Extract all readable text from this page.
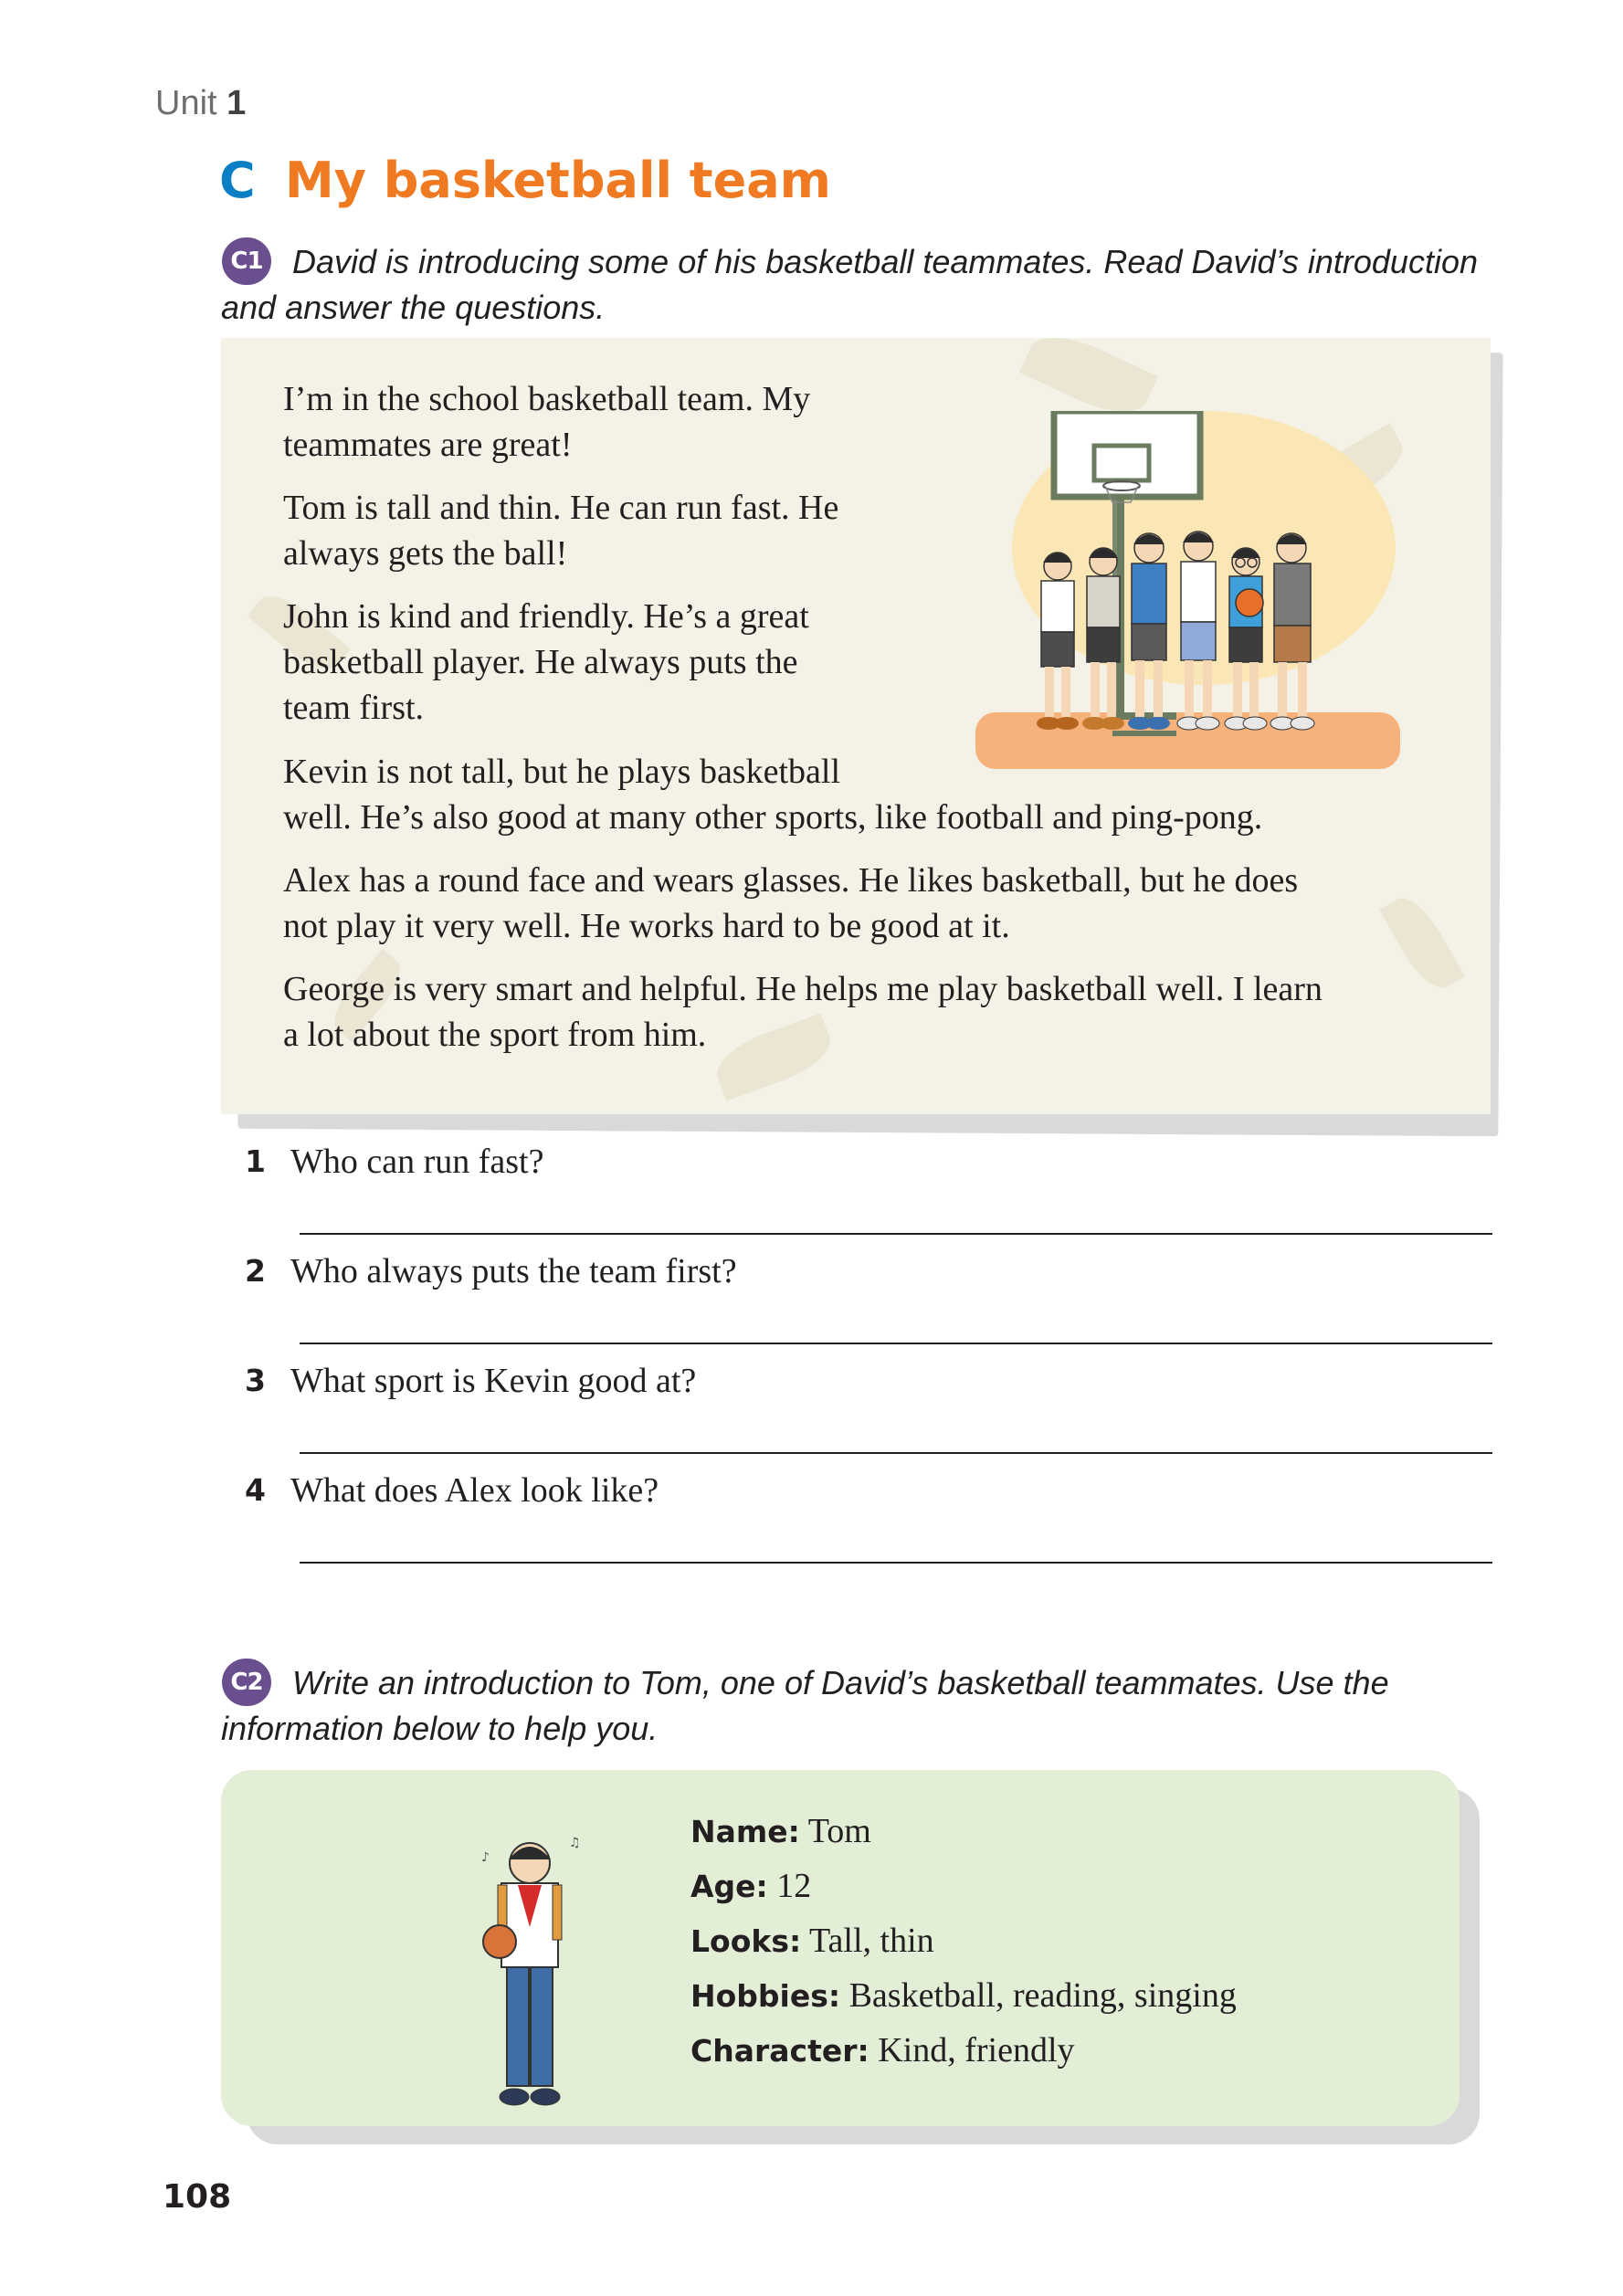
Unit 1
C My basketball team
C1 David is introducing some of his basketball teammates. Read David’s introduction
and answer the questions.
I’m in the school basketball team. My
teammates are great!
Tom is tall and thin. He can run fast. He
always gets the ball!
John is kind and friendly. He’s a great
basketball player. He always puts the
team first.
Kevin is not tall, but he plays basketball
well. He’s also good at many other sports, like football and ping-pong.
Alex has a round face and wears glasses. He likes basketball, but he does
not play it very well. He works hard to be good at it.
George is very smart and helpful. He helps me play basketball well. I learn
a lot about the sport from him.
1 Who can run fast?
2 Who always puts the team first?
3 What sport is Kevin good at?
4 What does Alex look like?
C2 Write an introduction to Tom, one of David’s basketball teammates. Use the
information below to help you.
♪
♫	Name: Tom
Age: 12
Looks: Tall, thin
Hobbies: Basketball, reading, singing
Character: Kind, friendly
108
